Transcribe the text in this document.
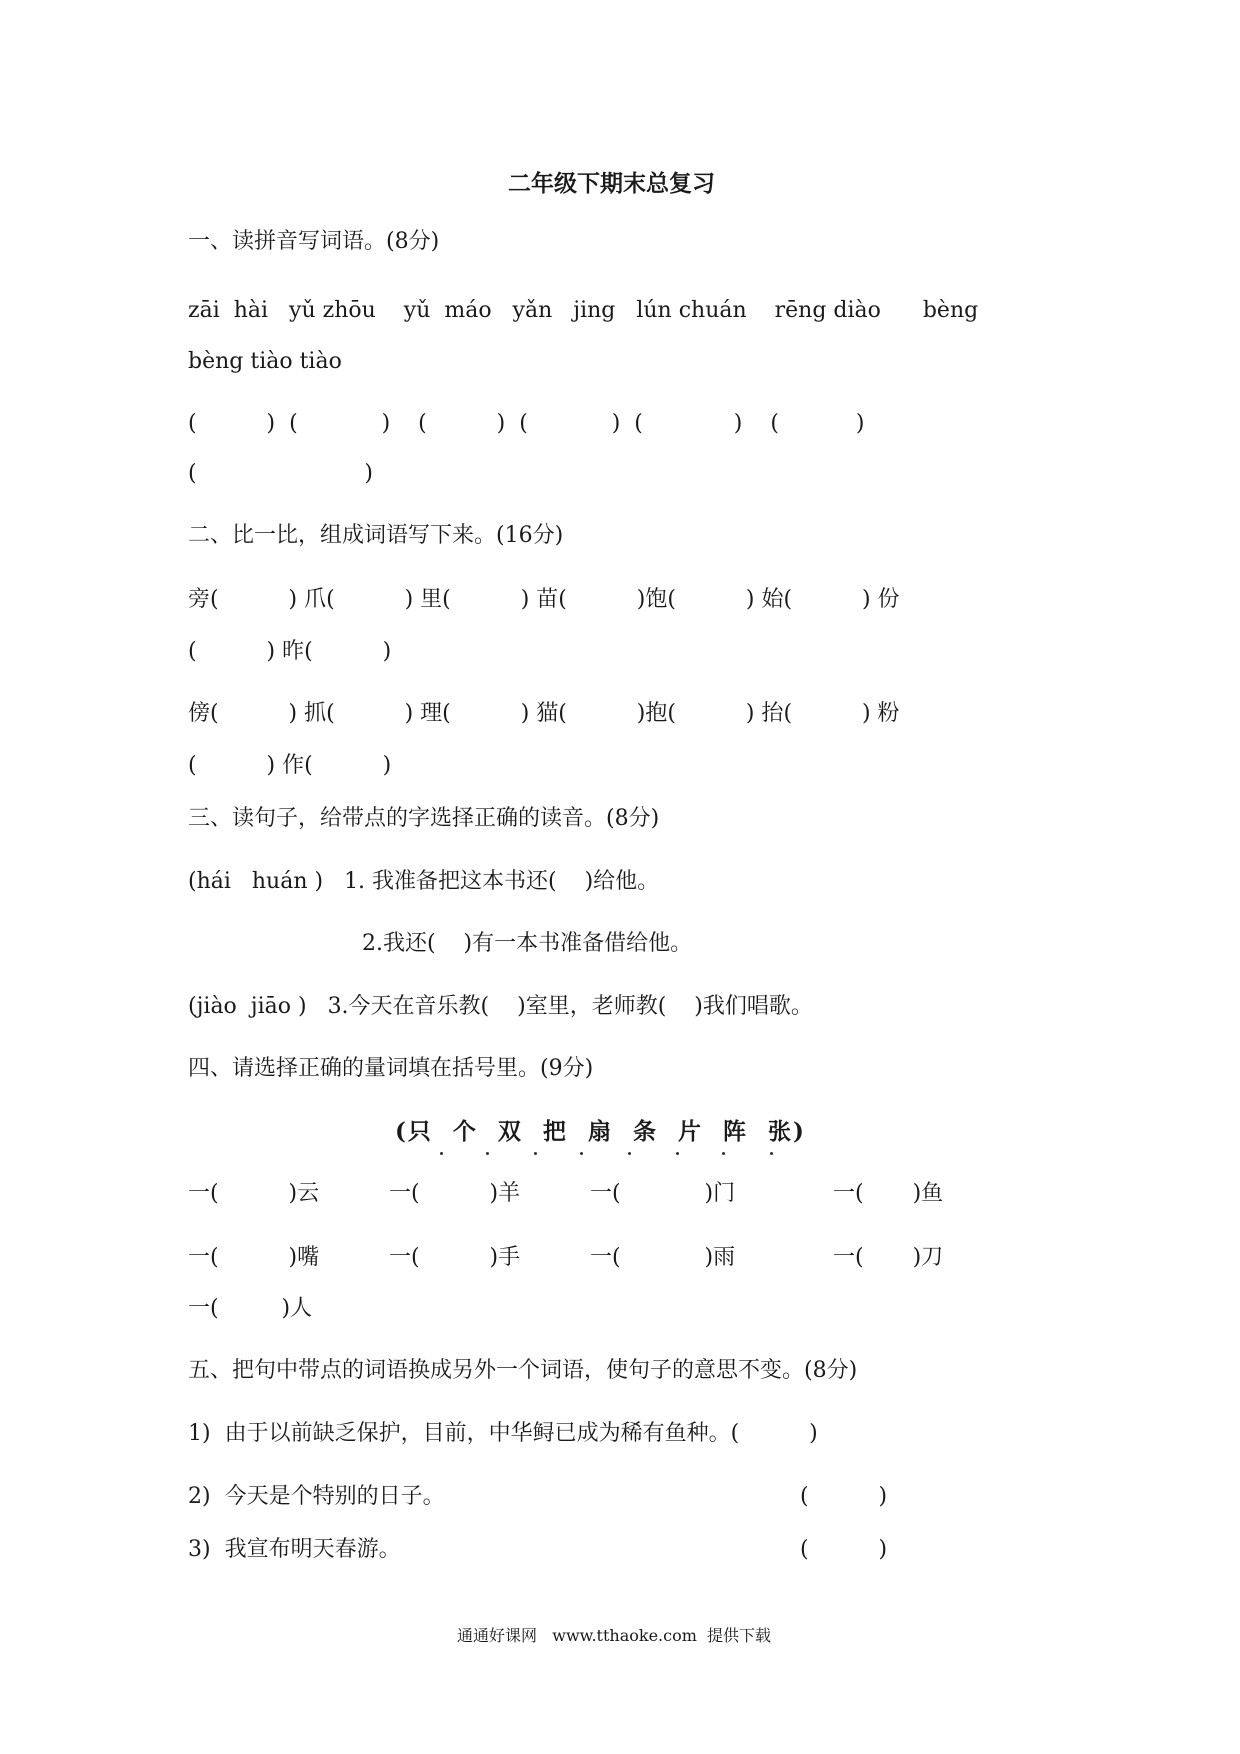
二年级下期末总复习
一、读拼音写词语。(8分)
zāi  hài   yǔ zhōu    yǔ  máo   yǎn   jing   lún chuán    rēng diào      bèng
bèng tiào tiào
(          )  (            )    (          )  (            )  (             )    (           )
(                        )
二、比一比，组成词语写下来。(16分)
旁(          ) 爪(          ) 里(          ) 苗(          )饱(          ) 始(          ) 份
(          ) 昨(          )
傍(          ) 抓(          ) 理(          ) 猫(          )抱(          ) 抬(          ) 粉
(          ) 作(          )
三、读句子，给带点的字选择正确的读音。(8分)
(hái   huán )   1. 我准备把这本书还(    )给他。
2.我还(    )有一本书准备借给他。
(jiào  jiāo )   3.今天在音乐教(    )室里，老师教(    )我们唱歌。
四、请选择正确的量词填在括号里。(9分)
(只  个  双  把  扇  条  片  阵  张)
一(          )云          一(          )羊          一(            )门              一(       )鱼
一(          )嘴          一(          )手          一(            )雨              一(       )刀
一(         )人
五、把句中带点的词语换成另外一个词语，使句子的意思不变。(8分)
1)  由于以前缺乏保护，目前，中华鲟已成为稀有鱼种。(          )
2)  今天是个特别的日子。	(          )
3)  我宣布明天春游。	(          )
通通好课网   www.tthaoke.com  提供下载
